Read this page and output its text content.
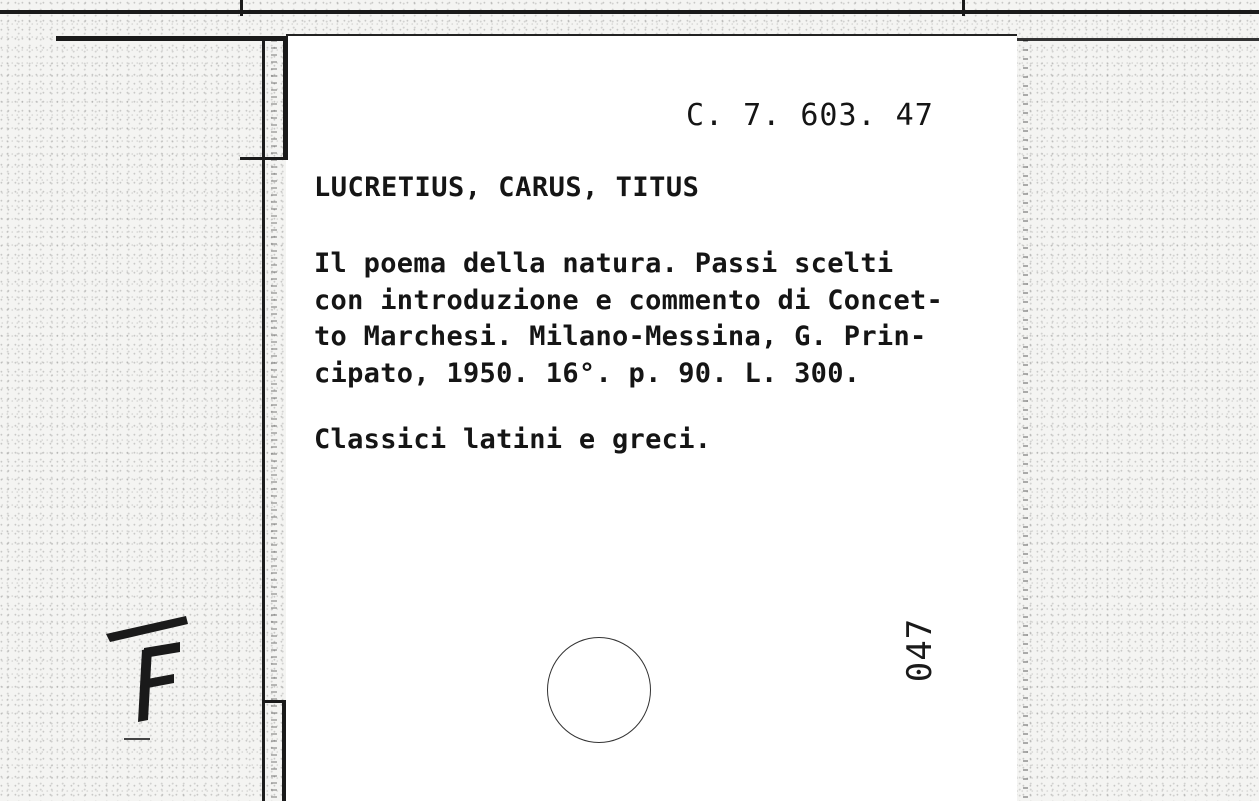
C. 7. 603. 47
LUCRETIUS, CARUS, TITUS
Il poema della natura. Passi scelti
con introduzione e commento di Concet-
to Marchesi. Milano-Messina, G. Prin-
cipato, 1950. 16°. p. 90. L. 300.
Classici latini e greci.
047
